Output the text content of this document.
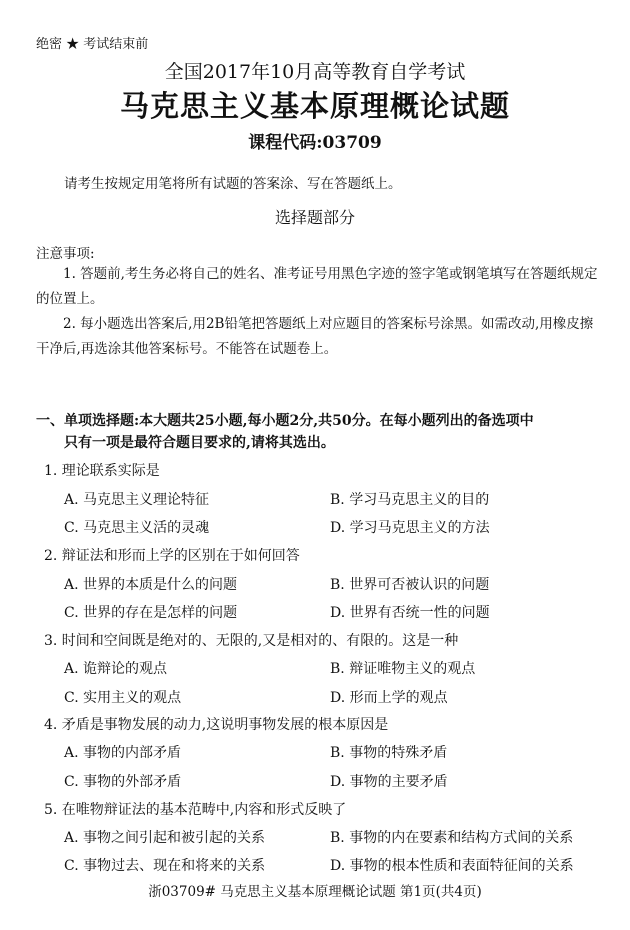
绝密 ★ 考试结束前
全国2017年10月高等教育自学考试
马克思主义基本原理概论试题
课程代码:03709
请考生按规定用笔将所有试题的答案涂、写在答题纸上。
选择题部分
注意事项:
1. 答题前,考生务必将自己的姓名、准考证号用黑色字迹的签字笔或钢笔填写在答题纸规定的位置上。
2. 每小题选出答案后,用2B铅笔把答题纸上对应题目的答案标号涂黑。如需改动,用橡皮擦干净后,再选涂其他答案标号。不能答在试题卷上。
一、单项选择题:本大题共25小题,每小题2分,共50分。在每小题列出的备选项中
只有一项是最符合题目要求的,请将其选出。
1. 理论联系实际是
A. 马克思主义理论特征	B. 学习马克思主义的目的
C. 马克思主义活的灵魂	D. 学习马克思主义的方法
2. 辩证法和形而上学的区别在于如何回答
A. 世界的本质是什么的问题	B. 世界可否被认识的问题
C. 世界的存在是怎样的问题	D. 世界有否统一性的问题
3. 时间和空间既是绝对的、无限的,又是相对的、有限的。这是一种
A. 诡辩论的观点	B. 辩证唯物主义的观点
C. 实用主义的观点	D. 形而上学的观点
4. 矛盾是事物发展的动力,这说明事物发展的根本原因是
A. 事物的内部矛盾	B. 事物的特殊矛盾
C. 事物的外部矛盾	D. 事物的主要矛盾
5. 在唯物辩证法的基本范畴中,内容和形式反映了
A. 事物之间引起和被引起的关系	B. 事物的内在要素和结构方式间的关系
C. 事物过去、现在和将来的关系	D. 事物的根本性质和表面特征间的关系
浙03709# 马克思主义基本原理概论试题 第1页(共4页)
